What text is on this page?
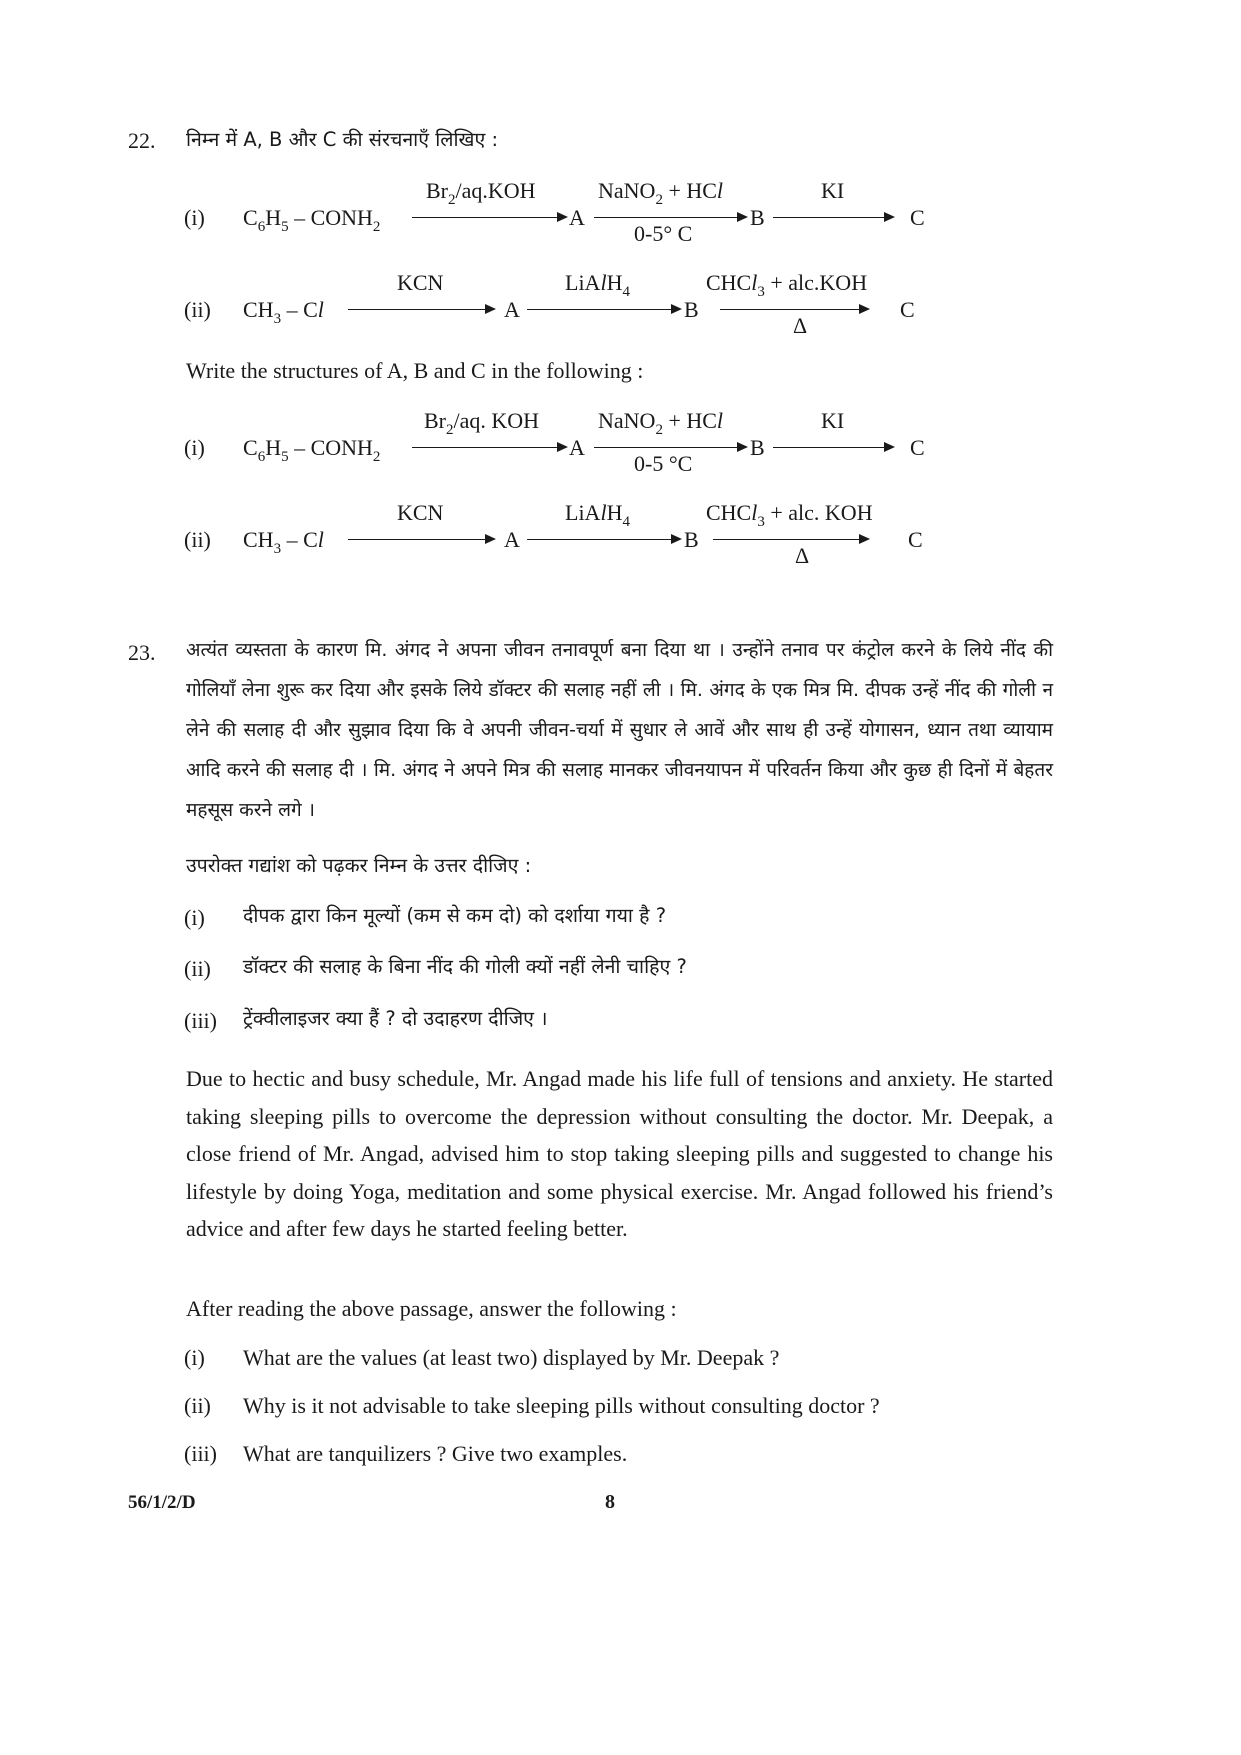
22. निम्न में A, B और C की संरचनाएँ लिखिए :
(i) $C_6H_5$ – $CONH_2$
$Br_2/aq.KOH$
A
NaNO$_2$ + HCl
0-5° C
B
KI
C
(ii) $CH_3$ – Cl
KCN
A
LiAlH$_4$
B
CHCl$_3$ + alc.KOH
Δ
C
Write the structures of A, B and C in the following :
(i) $C_6H_5$ – $CONH_2$
$Br_2/aq$. KOH
A
NaNO$_2$ + HCl
0-5 °C
B
KI
C
(ii) $CH_3$ – Cl
KCN
A
LiAlH$_4$
B
CHCl$_3$ + alc. KOH
Δ
C
23. अत्यंत व्यस्तता के कारण मि. अंगद ने अपना जीवन तनावपूर्ण बना दिया था । उन्होंने तनाव पर कंट्रोल करने के लिये नींद की गोलियाँ लेना शुरू कर दिया और इसके लिये डॉक्टर की सलाह नहीं ली । मि. अंगद के एक मित्र मि. दीपक उन्हें नींद की गोली न लेने की सलाह दी और सुझाव दिया कि वे अपनी जीवन-चर्या में सुधार ले आवें और साथ ही उन्हें योगासन, ध्यान तथा व्यायाम आदि करने की सलाह दी । मि. अंगद ने अपने मित्र की सलाह मानकर जीवनयापन में परिवर्तन किया और कुछ ही दिनों में बेहतर महसूस करने लगे ।
उपरोक्त गद्यांश को पढ़कर निम्न के उत्तर दीजिए :
(i) दीपक द्वारा किन मूल्यों (कम से कम दो) को दर्शाया गया है ?
(ii) डॉक्टर की सलाह के बिना नींद की गोली क्यों नहीं लेनी चाहिए ?
(iii) ट्रेंक्वीलाइजर क्या हैं ? दो उदाहरण दीजिए ।
Due to hectic and busy schedule, Mr. Angad made his life full of tensions and anxiety. He started taking sleeping pills to overcome the depression without consulting the doctor. Mr. Deepak, a close friend of Mr. Angad, advised him to stop taking sleeping pills and suggested to change his lifestyle by doing Yoga, meditation and some physical exercise. Mr. Angad followed his friend’s advice and after few days he started feeling better.
After reading the above passage, answer the following :
(i) What are the values (at least two) displayed by Mr. Deepak ?
(ii) Why is it not advisable to take sleeping pills without consulting doctor ?
(iii) What are tanquilizers ? Give two examples.
56/1/2/D	8
